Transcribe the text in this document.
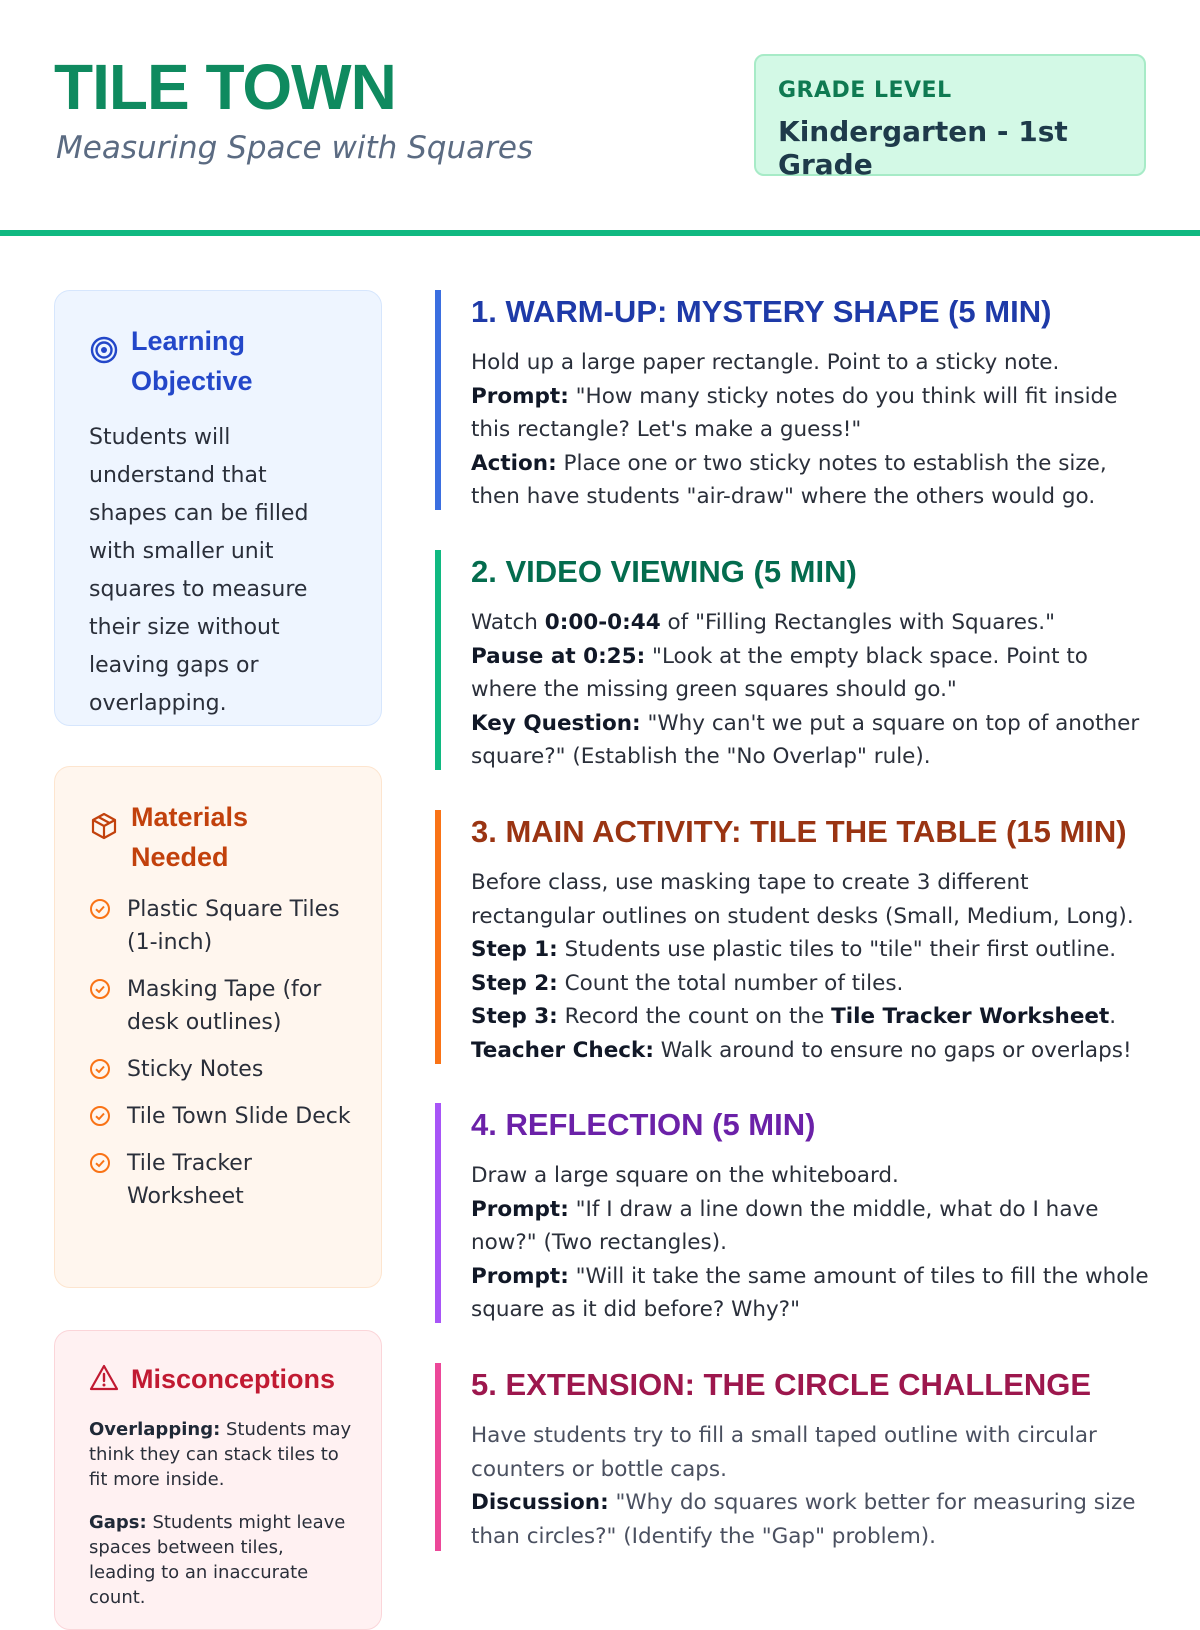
TILE TOWN

Measuring Space with Squares

GRADE LEVEL
Kindergarten - 1st Grade
Learning Objective
Students will understand that shapes can be filled with smaller unit squares to measure their size without leaving gaps or overlapping.
Materials Needed
Plastic Square Tiles (1-inch)
Masking Tape (for desk outlines)
Sticky Notes
Tile Town Slide Deck
Tile Tracker Worksheet
Misconceptions
Overlapping: Students may think they can stack tiles to fit more inside.
Gaps: Students might leave spaces between tiles, leading to an inaccurate count.
1. WARM-UP: MYSTERY SHAPE (5 MIN)
Hold up a large paper rectangle. Point to a sticky note.
Prompt: "How many sticky notes do you think will fit inside this rectangle? Let's make a guess!"
Action: Place one or two sticky notes to establish the size, then have students "air-draw" where the others would go.
2. VIDEO VIEWING (5 MIN)
Watch 0:00-0:44 of "Filling Rectangles with Squares."
Pause at 0:25: "Look at the empty black space. Point to where the missing green squares should go."
Key Question: "Why can't we put a square on top of another square?" (Establish the "No Overlap" rule).
3. MAIN ACTIVITY: TILE THE TABLE (15 MIN)
Before class, use masking tape to create 3 different rectangular outlines on student desks (Small, Medium, Long).
Step 1: Students use plastic tiles to "tile" their first outline.
Step 2: Count the total number of tiles.
Step 3: Record the count on the Tile Tracker Worksheet.
Teacher Check: Walk around to ensure no gaps or overlaps!
4. REFLECTION (5 MIN)
Draw a large square on the whiteboard.
Prompt: "If I draw a line down the middle, what do I have now?" (Two rectangles).
Prompt: "Will it take the same amount of tiles to fill the whole square as it did before? Why?"
5. EXTENSION: THE CIRCLE CHALLENGE
Have students try to fill a small taped outline with circular counters or bottle caps.
Discussion: "Why do squares work better for measuring size than circles?" (Identify the "Gap" problem).
